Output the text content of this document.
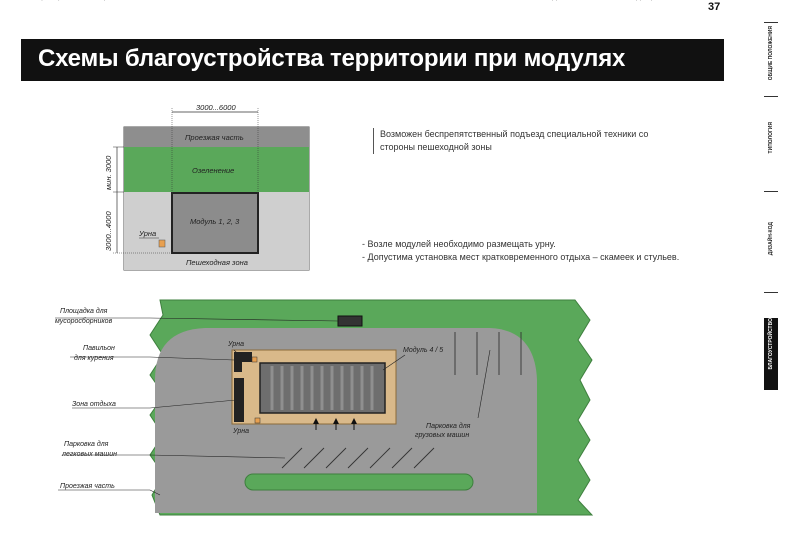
37
Схемы благоустройства территории при модулях	ОБЩИЕ ПОЛОЖЕНИЯ
ТИПОЛОГИЯ
ДИЗАЙН-КОД
БЛАГОУСТРОЙСТВО
Возможен беспрепятственный подъезд специальной техники со стороны пешеходной зоны
- Возле модулей необходимо размещать урну.
- Допустима установка мест кратковременного отдыха – скамеек и стульев.
3000...6000
мин. 3000
3000...4000
Проезжая часть
Озеленение
Модуль 1, 2, 3
Урна
Пешеходная зона
Площадка для
мусоросборников
Павильон
для курения
Зона отдыха
Парковка для
легковых машин
Проезжая часть
Урна
Урна
Модуль 4 / 5
Парковка для
грузовых машин
